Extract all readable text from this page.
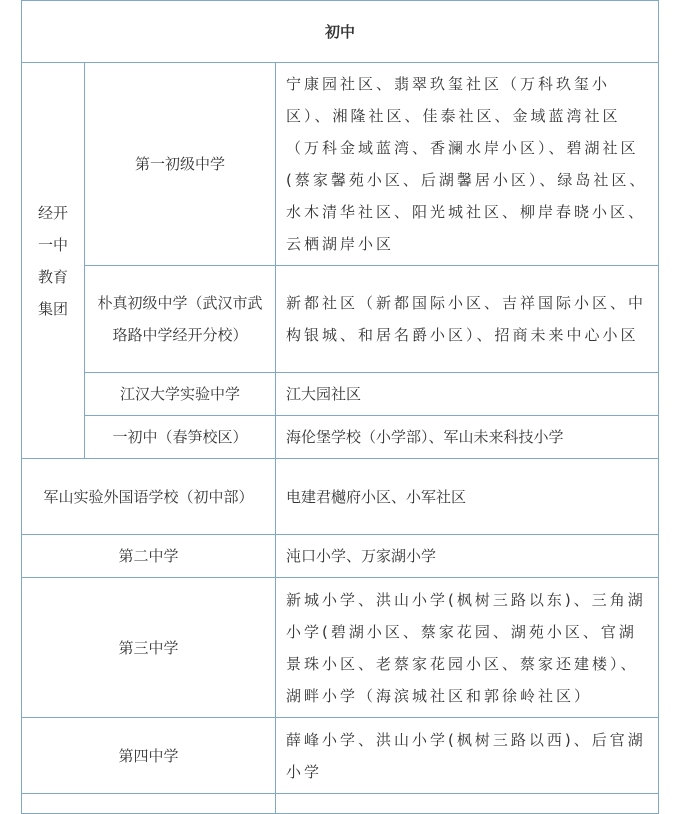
初中		
经开一中教育集团	第一初级中学	宁康园社区、翡翠玖玺社区（万科玖玺小区）、湘隆社区、佳泰社区、金域蓝湾社区（万科金域蓝湾、香澜水岸小区）、碧湖社区(蔡家馨苑小区、后湖馨居小区）、绿岛社区、水木清华社区、阳光城社区、柳岸春晓小区、云栖湖岸小区
	朴真初级中学（武汉市武珞路中学经开分校）	新都社区（新都国际小区、吉祥国际小区、中构银城、和居名爵小区）、招商未来中心小区
	江汉大学实验中学	江大园社区
	一初中（春笋校区）	海伦堡学校（小学部）、军山未来科技小学
军山实验外国语学校（初中部）		电建君樾府小区、小军社区
第二中学		沌口小学、万家湖小学
第三中学		新城小学、洪山小学(枫树三路以东)、三角湖小学(碧湖小区、蔡家花园、湖苑小区、官湖景珠小区、老蔡家花园小区、蔡家还建楼）、湖畔小学（海滨城社区和郭徐岭社区）
第四中学		薛峰小学、洪山小学(枫树三路以西)、后官湖小学
